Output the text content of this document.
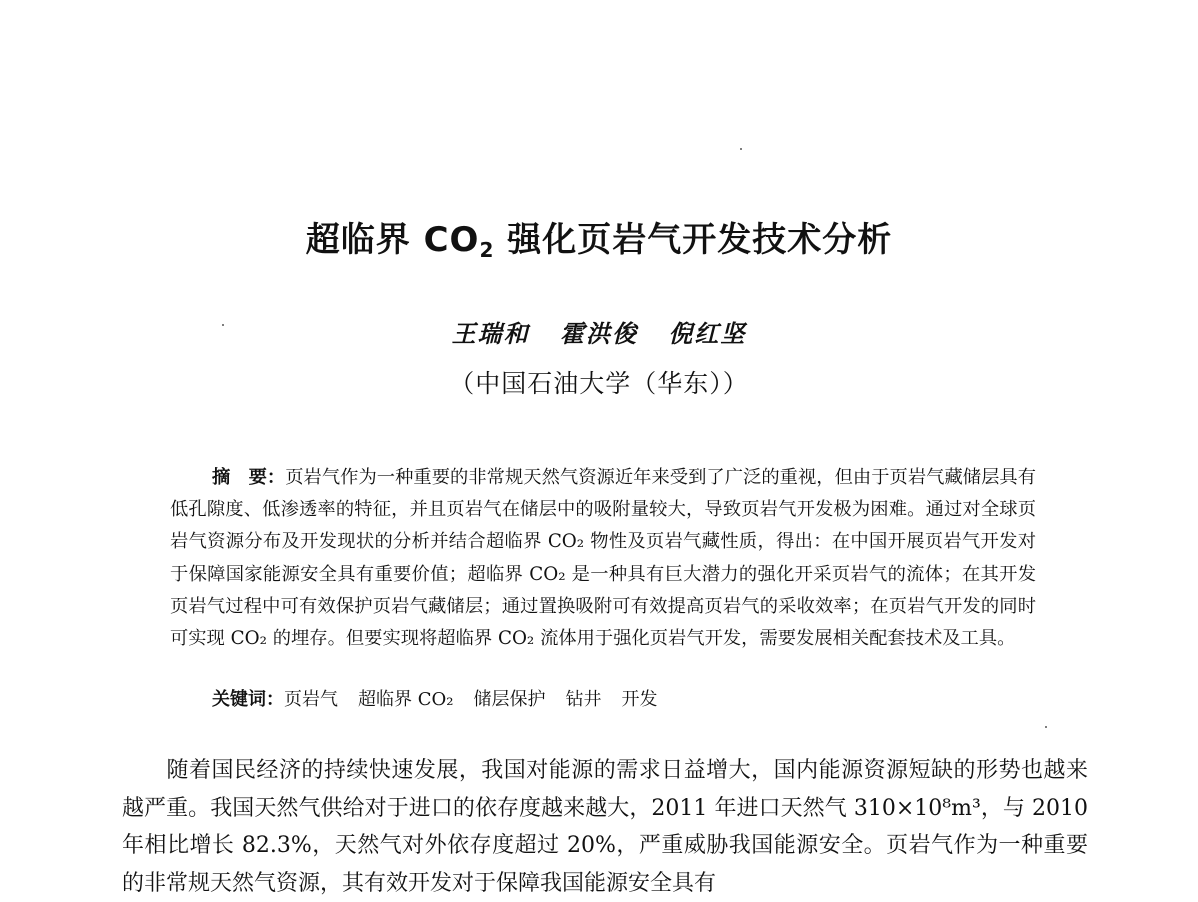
超临界 $CO_2$ 强化页岩气开发技术分析
王瑞和 霍洪俊 倪红坚
（中国石油大学（华东））
摘　要：页岩气作为一种重要的非常规天然气资源近年来受到了广泛的重视，但由于页岩气藏储层具有低孔隙度、低渗透率的特征，并且页岩气在储层中的吸附量较大，导致页岩气开发极为困难。通过对全球页岩气资源分布及开发现状的分析并结合超临界 CO₂ 物性及页岩气藏性质，得出：在中国开展页岩气开发对于保障国家能源安全具有重要价值；超临界 CO₂ 是一种具有巨大潜力的强化开采页岩气的流体；在其开发页岩气过程中可有效保护页岩气藏储层；通过置换吸附可有效提高页岩气的采收效率；在页岩气开发的同时可实现 CO₂ 的埋存。但要实现将超临界 CO₂ 流体用于强化页岩气开发，需要发展相关配套技术及工具。
关键词：页岩气 超临界 CO₂ 储层保护 钻井 开发
随着国民经济的持续快速发展，我国对能源的需求日益增大，国内能源资源短缺的形势也越来越严重。我国天然气供给对于进口的依存度越来越大，2011 年进口天然气 310×10⁸m³，与 2010 年相比增长 82.3%，天然气对外依存度超过 20%，严重威胁我国能源安全。页岩气作为一种重要的非常规天然气资源，其有效开发对于保障我国能源安全具有
